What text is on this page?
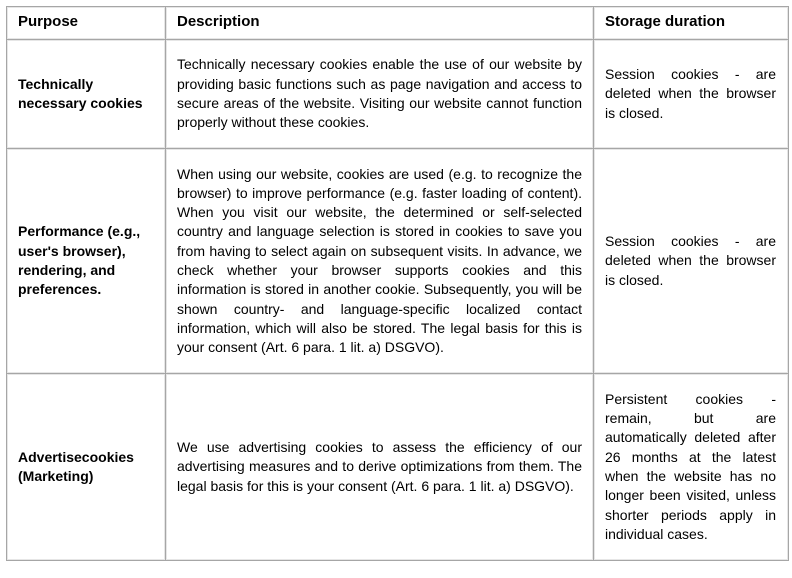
Purpose	Description	Storage duration
Technically necessary cookies	Technically necessary cookies enable the use of our website by providing basic functions such as page navigation and access to secure areas of the website. Visiting our website cannot function properly without these cookies.	Session cookies - are deleted when the browser is closed.
Performance (e.g., user's browser), rendering, and preferences.	When using our website, cookies are used (e.g. to recognize the browser) to improve performance (e.g. faster loading of content). When you visit our website, the determined or self-selected country and language selection is stored in cookies to save you from having to select again on subsequent visits. In advance, we check whether your browser supports cookies and this information is stored in another cookie. Subsequently, you will be shown country- and language-specific localized contact information, which will also be stored. The legal basis for this is your consent (Art. 6 para. 1 lit. a) DSGVO).	Session cookies - are deleted when the browser is closed.
Advertisecookies (Marketing)	We use advertising cookies to assess the efficiency of our advertising measures and to derive optimizations from them. The legal basis for this is your consent (Art. 6 para. 1 lit. a) DSGVO).	Persistent cookies - remain, but are automatically deleted after 26 months at the latest when the website has no longer been visited, unless shorter periods apply in individual cases.
